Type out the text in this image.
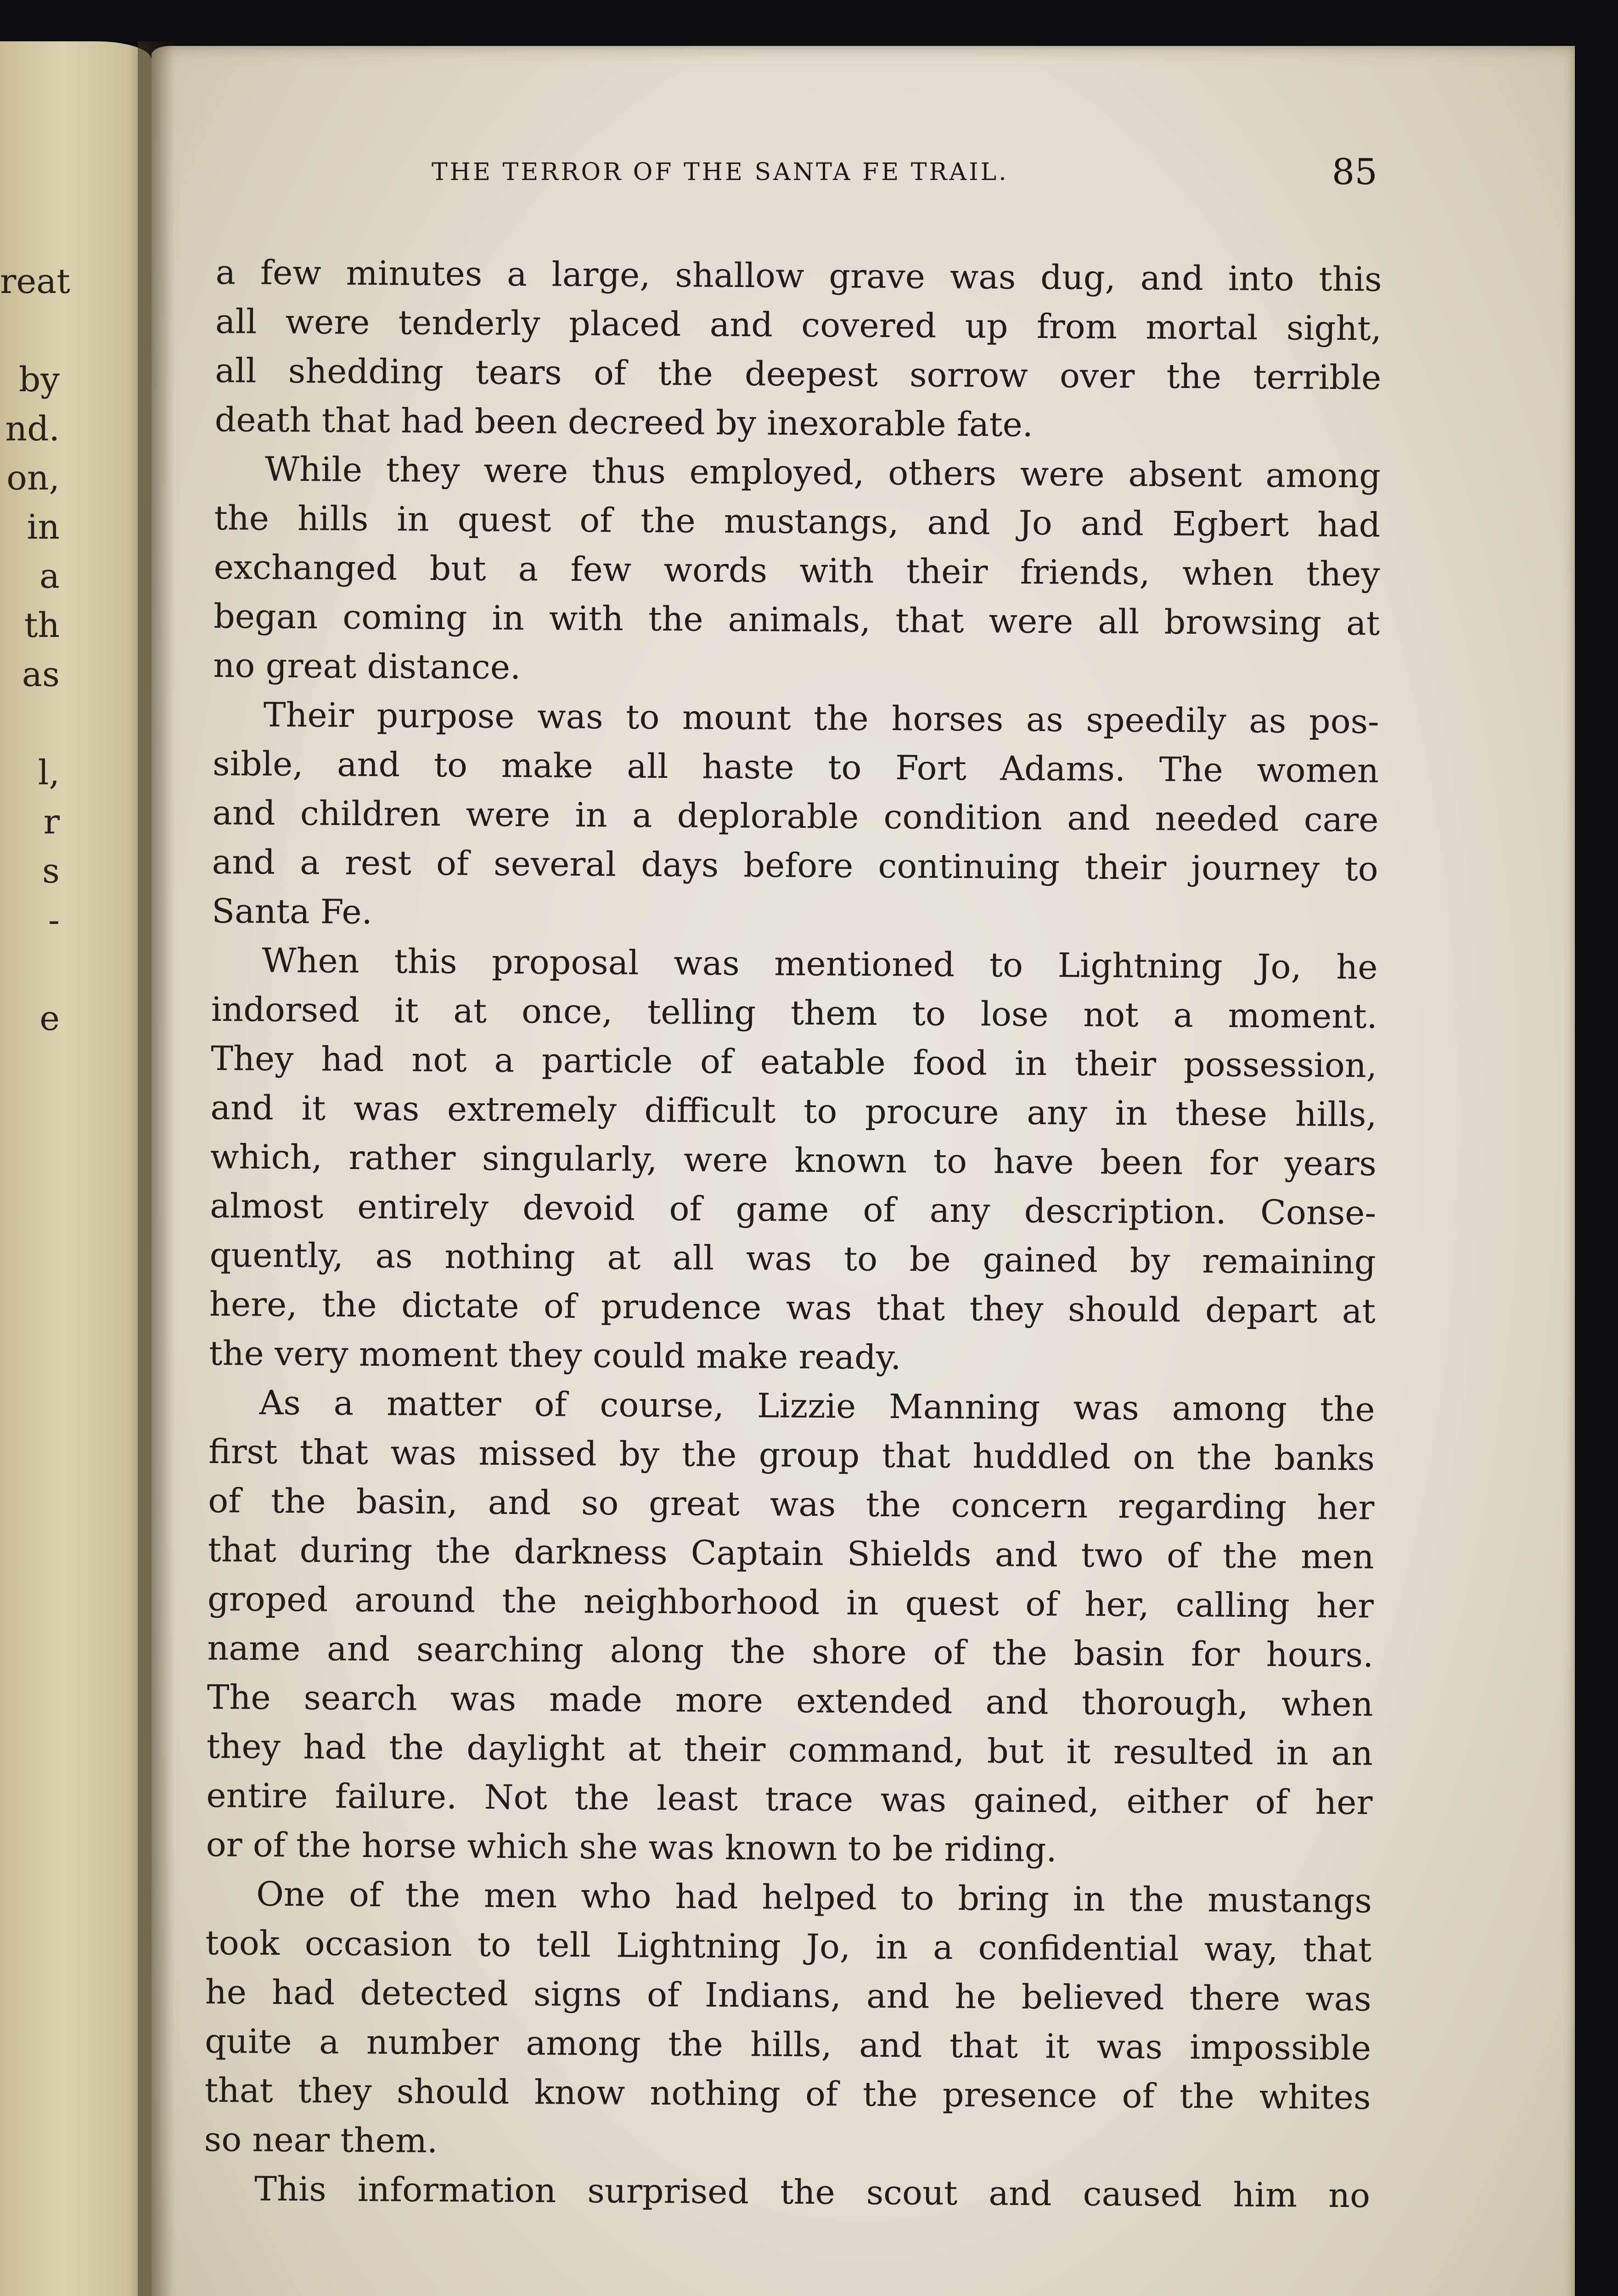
reat
by
nd.
on,
in
a
th
as
l,
r
s
-
e
THE TERROR OF THE SANTA FE TRAIL.	85
a few minutes a large, shallow grave was dug, and into this
all were tenderly placed and covered up from mortal sight,
all shedding tears of the deepest sorrow over the terrible
death that had been decreed by inexorable fate.
While they were thus employed, others were absent among
the hills in quest of the mustangs, and Jo and Egbert had
exchanged but a few words with their friends, when they
began coming in with the animals, that were all browsing at
no great distance.
Their purpose was to mount the horses as speedily as pos-
sible, and to make all haste to Fort Adams. The women
and children were in a deplorable condition and needed care
and a rest of several days before continuing their journey to
Santa Fe.
When this proposal was mentioned to Lightning Jo, he
indorsed it at once, telling them to lose not a moment.
They had not a particle of eatable food in their possession,
and it was extremely difficult to procure any in these hills,
which, rather singularly, were known to have been for years
almost entirely devoid of game of any description. Conse-
quently, as nothing at all was to be gained by remaining
here, the dictate of prudence was that they should depart at
the very moment they could make ready.
As a matter of course, Lizzie Manning was among the
first that was missed by the group that huddled on the banks
of the basin, and so great was the concern regarding her
that during the darkness Captain Shields and two of the men
groped around the neighborhood in quest of her, calling her
name and searching along the shore of the basin for hours.
The search was made more extended and thorough, when
they had the daylight at their command, but it resulted in an
entire failure. Not the least trace was gained, either of her
or of the horse which she was known to be riding.
One of the men who had helped to bring in the mustangs
took occasion to tell Lightning Jo, in a confidential way, that
he had detected signs of Indians, and he believed there was
quite a number among the hills, and that it was impossible
that they should know nothing of the presence of the whites
so near them.
This information surprised the scout and caused him no
